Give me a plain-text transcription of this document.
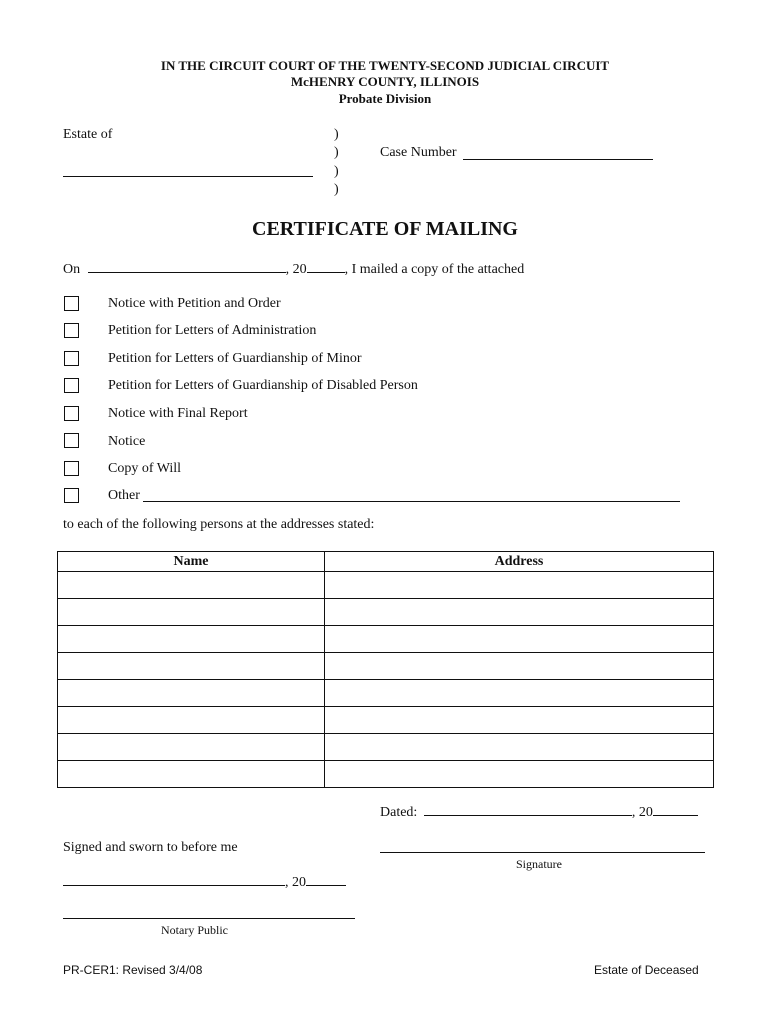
IN THE CIRCUIT COURT OF THE TWENTY-SECOND JUDICIAL CIRCUIT
McHENRY COUNTY, ILLINOIS
Probate Division
Estate of	)
)
)
)
Case Number
CERTIFICATE OF MAILING
On	, 20	, I mailed a copy of the attached
Notice with Petition and Order
Petition for Letters of Administration
Petition for Letters of Guardianship of Minor
Petition for Letters of Guardianship of Disabled Person
Notice with Final Report
Notice
Copy of Will
Other
to each of the following persons at the addresses stated:
Name	Address

Dated:	, 20
Signature
Signed and sworn to before me
, 20
Notary Public
PR-CER1: Revised 3/4/08	Estate of Deceased
